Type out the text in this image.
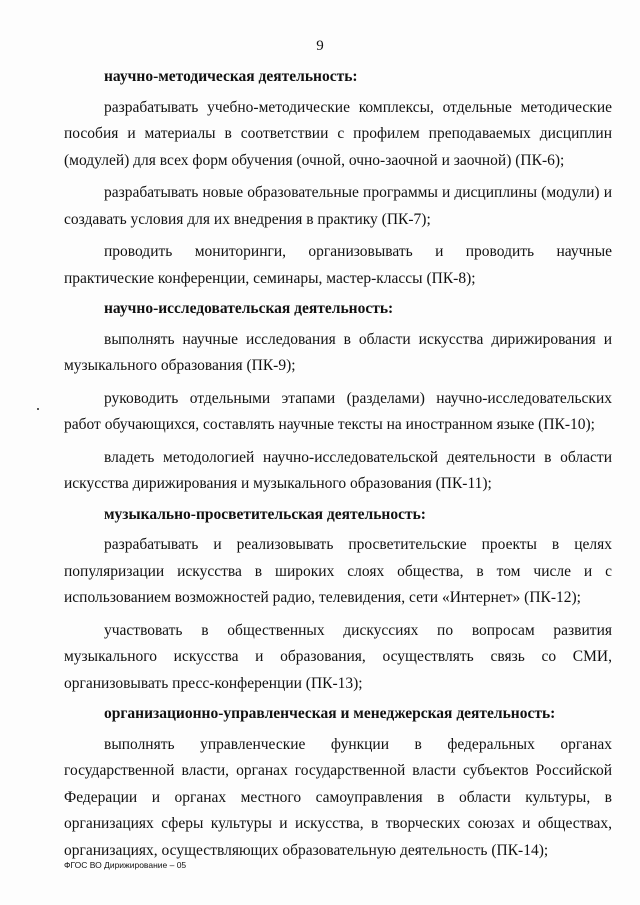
9
научно-методическая деятельность:
разрабатывать учебно-методические комплексы, отдельные методические пособия и материалы в соответствии с профилем преподаваемых дисциплин (модулей) для всех форм обучения (очной, очно-заочной и заочной) (ПК-6);
разрабатывать новые образовательные программы и дисциплины (модули) и создавать условия для их внедрения в практику (ПК-7);
проводить мониторинги, организовывать и проводить научные практические конференции, семинары, мастер-классы (ПК-8);
научно-исследовательская деятельность:
выполнять научные исследования в области искусства дирижирования и музыкального образования (ПК-9);
руководить отдельными этапами (разделами) научно-исследовательских работ обучающихся, составлять научные тексты на иностранном языке (ПК-10);
владеть методологией научно-исследовательской деятельности в области искусства дирижирования и музыкального образования (ПК-11);
музыкально-просветительская деятельность:
разрабатывать и реализовывать просветительские проекты в целях популяризации искусства в широких слоях общества, в том числе и с использованием возможностей радио, телевидения, сети «Интернет» (ПК-12);
участвовать в общественных дискуссиях по вопросам развития музыкального искусства и образования, осуществлять связь со СМИ, организовывать пресс-конференции (ПК-13);
организационно-управленческая и менеджерская деятельность:
выполнять управленческие функции в федеральных органах государственной власти, органах государственной власти субъектов Российской Федерации и органах местного самоуправления в области культуры, в организациях сферы культуры и искусства, в творческих союзах и обществах, организациях, осуществляющих образовательную деятельность (ПК-14);
ФГОС ВО Дирижирование – 05
